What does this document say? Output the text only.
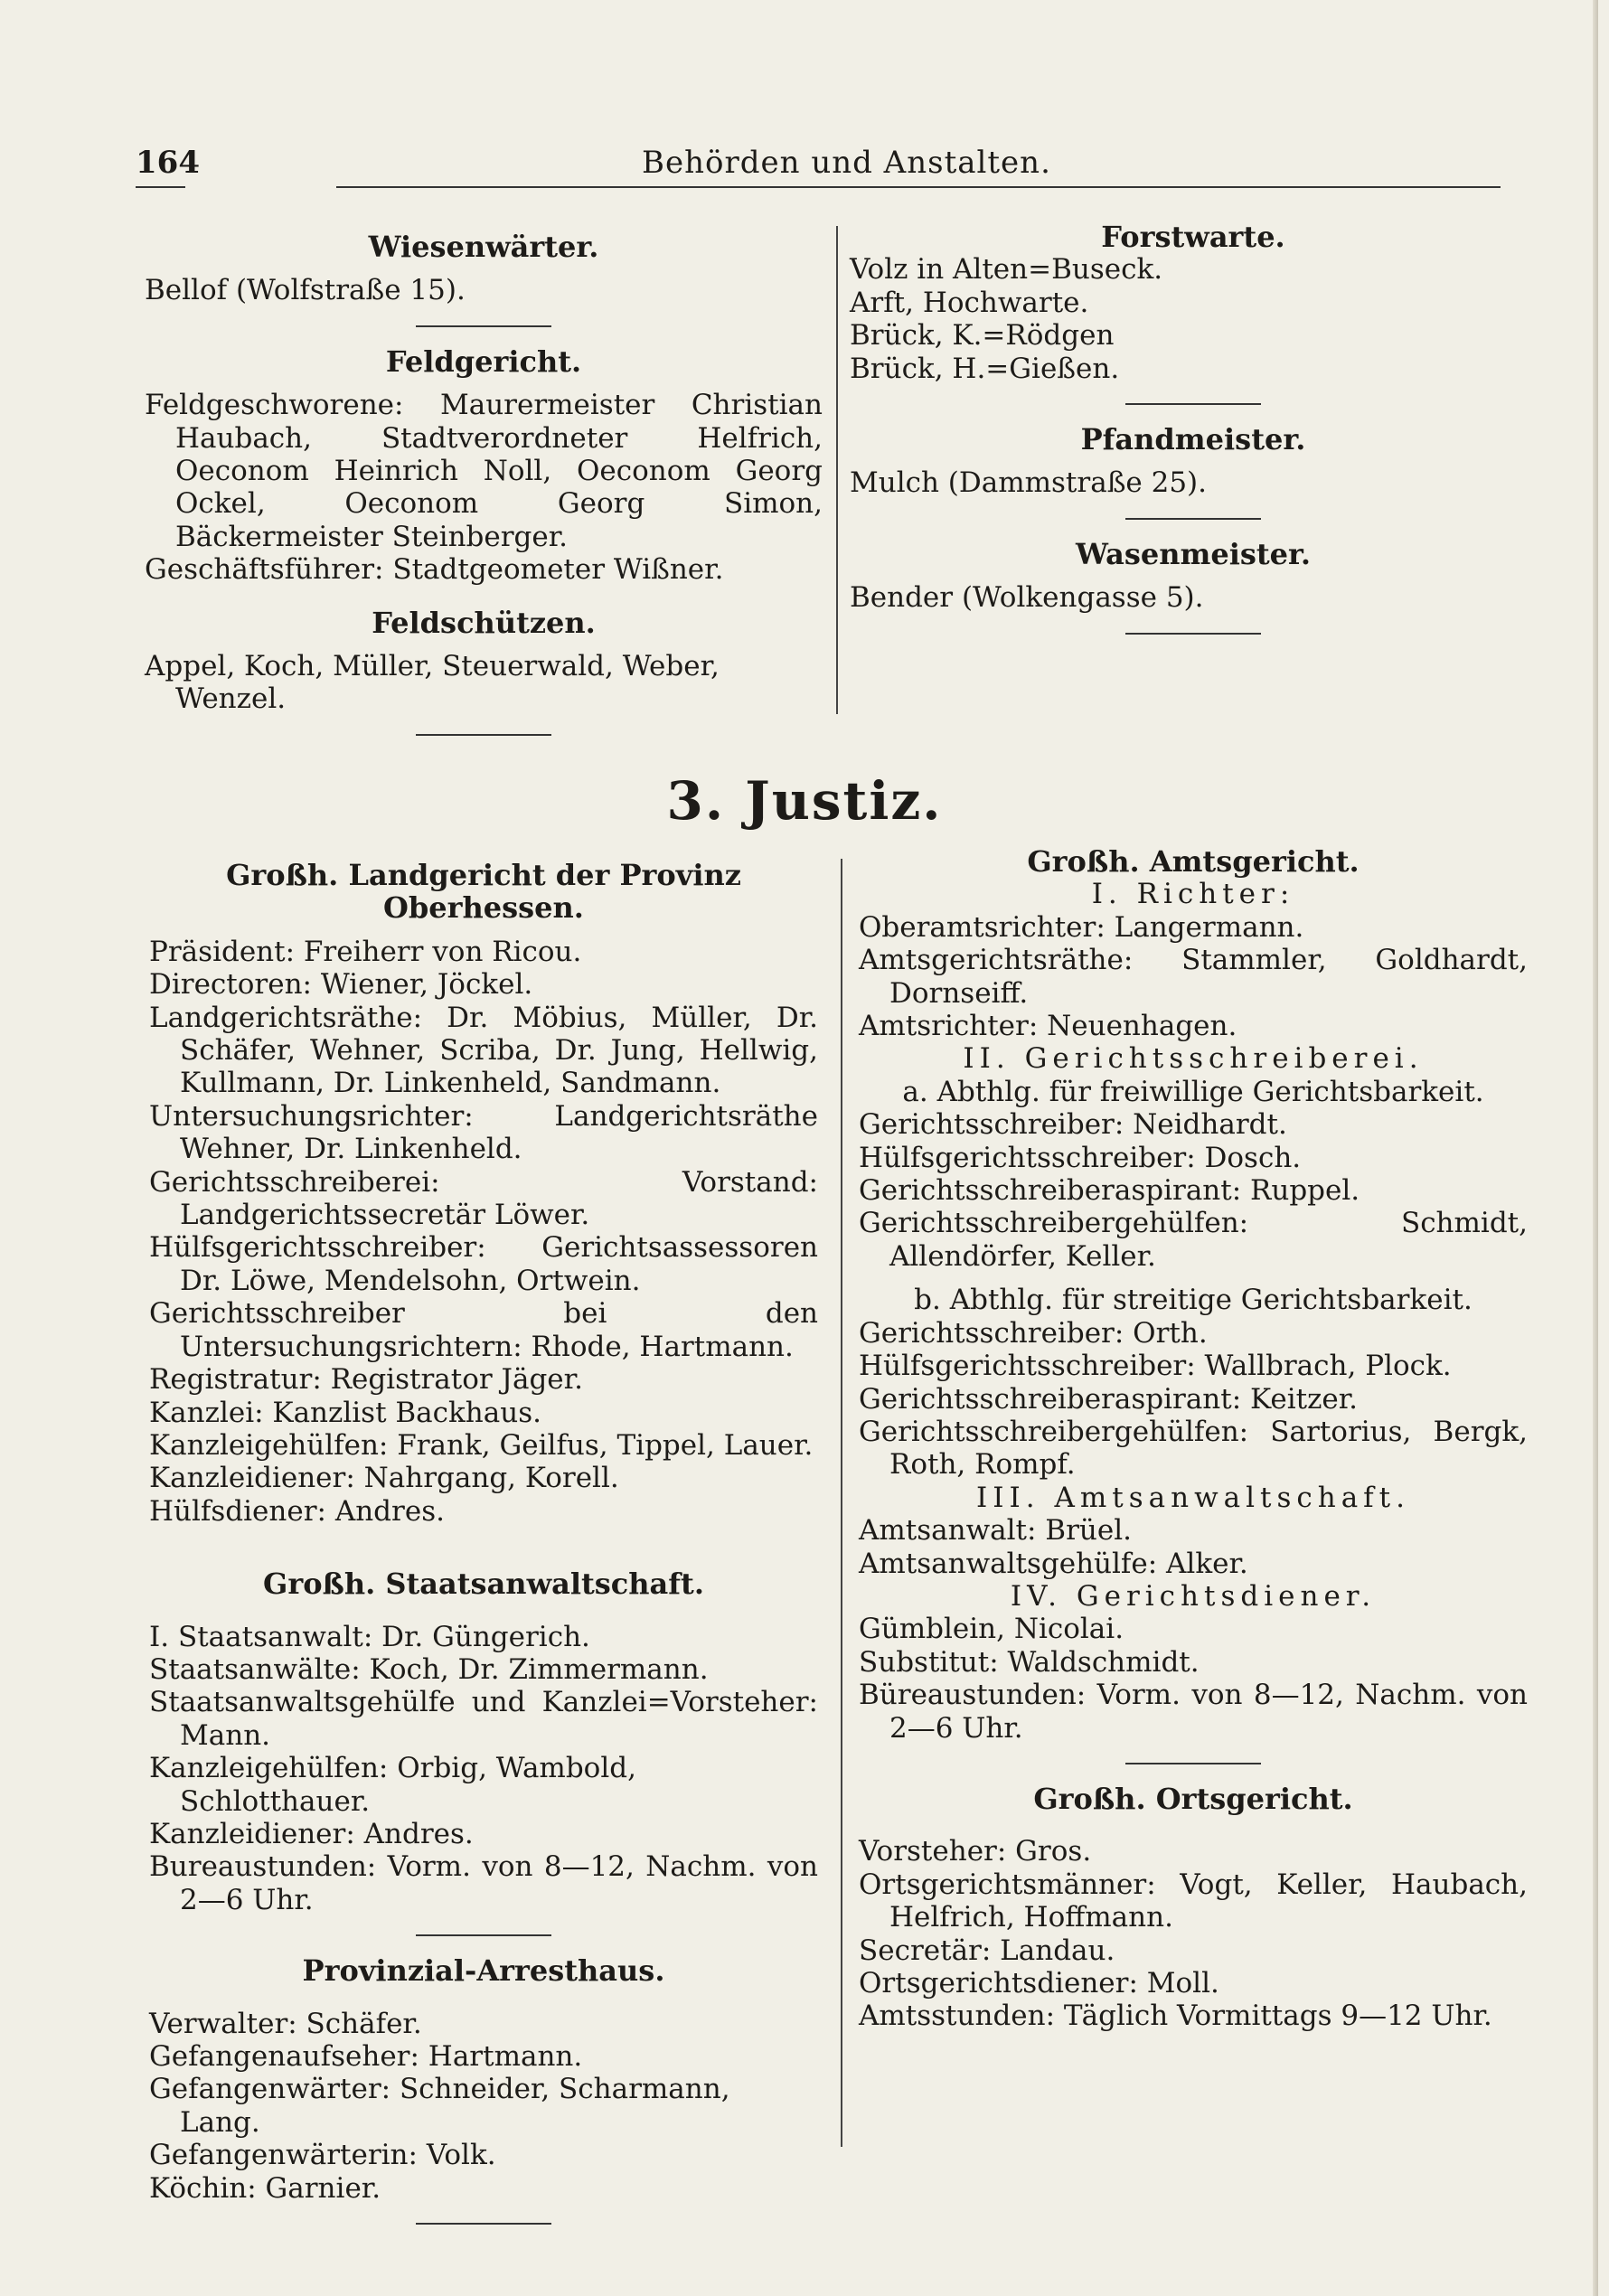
164	Behörden und Anstalten.

Wiesenwärter.

Bellof (Wolfstraße 15).

Feldgericht.

Feldgeschworene: Maurermeister Christian Haubach, Stadtverordneter Helfrich, Oeconom Heinrich Noll, Oeconom Georg Ockel, Oeconom Georg Simon, Bäckermeister Steinberger.

Geschäftsführer: Stadtgeometer Wißner.

Feldschützen.

Appel, Koch, Müller, Steuerwald, Weber, Wenzel.

Forstwarte.

Volz in Alten=Buseck.

Arft, Hochwarte.

Brück, K.=Rödgen

Brück, H.=Gießen.

Pfandmeister.

Mulch (Dammstraße 25).

Wasenmeister.

Bender (Wolkengasse 5).

3. Justiz.

Großh. Landgericht der Provinz Oberhessen.

Präsident: Freiherr von Ricou.

Directoren: Wiener, Jöckel.

Landgerichtsräthe: Dr. Möbius, Müller, Dr. Schäfer, Wehner, Scriba, Dr. Jung, Hellwig, Kullmann, Dr. Linkenheld, Sandmann.

Untersuchungsrichter: Landgerichtsräthe Wehner, Dr. Linkenheld.

Gerichtsschreiberei: Vorstand: Landgerichtssecretär Löwer.

Hülfsgerichtsschreiber: Gerichtsassessoren Dr. Löwe, Mendelsohn, Ortwein.

Gerichtsschreiber bei den Untersuchungsrichtern: Rhode, Hartmann.

Registratur: Registrator Jäger.

Kanzlei: Kanzlist Backhaus.

Kanzleigehülfen: Frank, Geilfus, Tippel, Lauer.

Kanzleidiener: Nahrgang, Korell.

Hülfsdiener: Andres.

Großh. Staatsanwaltschaft.

I. Staatsanwalt: Dr. Güngerich.

Staatsanwälte: Koch, Dr. Zimmermann.

Staatsanwaltsgehülfe und Kanzlei=Vorsteher: Mann.

Kanzleigehülfen: Orbig, Wambold, Schlotthauer.

Kanzleidiener: Andres.

Bureaustunden: Vorm. von 8—12, Nachm. von 2—6 Uhr.

Provinzial-Arresthaus.

Verwalter: Schäfer.

Gefangenaufseher: Hartmann.

Gefangenwärter: Schneider, Scharmann, Lang.

Gefangenwärterin: Volk.

Köchin: Garnier.

Großh. Amtsgericht.

I. Richter:

Oberamtsrichter: Langermann.

Amtsgerichtsräthe: Stammler, Goldhardt, Dornseiff.

Amtsrichter: Neuenhagen.

II. Gerichtsschreiberei.

a. Abthlg. für freiwillige Gerichtsbarkeit.

Gerichtsschreiber: Neidhardt.

Hülfsgerichtsschreiber: Dosch.

Gerichtsschreiberaspirant: Ruppel.

Gerichtsschreibergehülfen: Schmidt, Allendörfer, Keller.

b. Abthlg. für streitige Gerichtsbarkeit.

Gerichtsschreiber: Orth.

Hülfsgerichtsschreiber: Wallbrach, Plock.

Gerichtsschreiberaspirant: Keitzer.

Gerichtsschreibergehülfen: Sartorius, Bergk, Roth, Rompf.

III. Amtsanwaltschaft.

Amtsanwalt: Brüel.

Amtsanwaltsgehülfe: Alker.

IV. Gerichtsdiener.

Gümblein, Nicolai.

Substitut: Waldschmidt.

Büreaustunden: Vorm. von 8—12, Nachm. von 2—6 Uhr.

Großh. Ortsgericht.

Vorsteher: Gros.

Ortsgerichtsmänner: Vogt, Keller, Haubach, Helfrich, Hoffmann.

Secretär: Landau.

Ortsgerichtsdiener: Moll.

Amtsstunden: Täglich Vormittags 9—12 Uhr.
